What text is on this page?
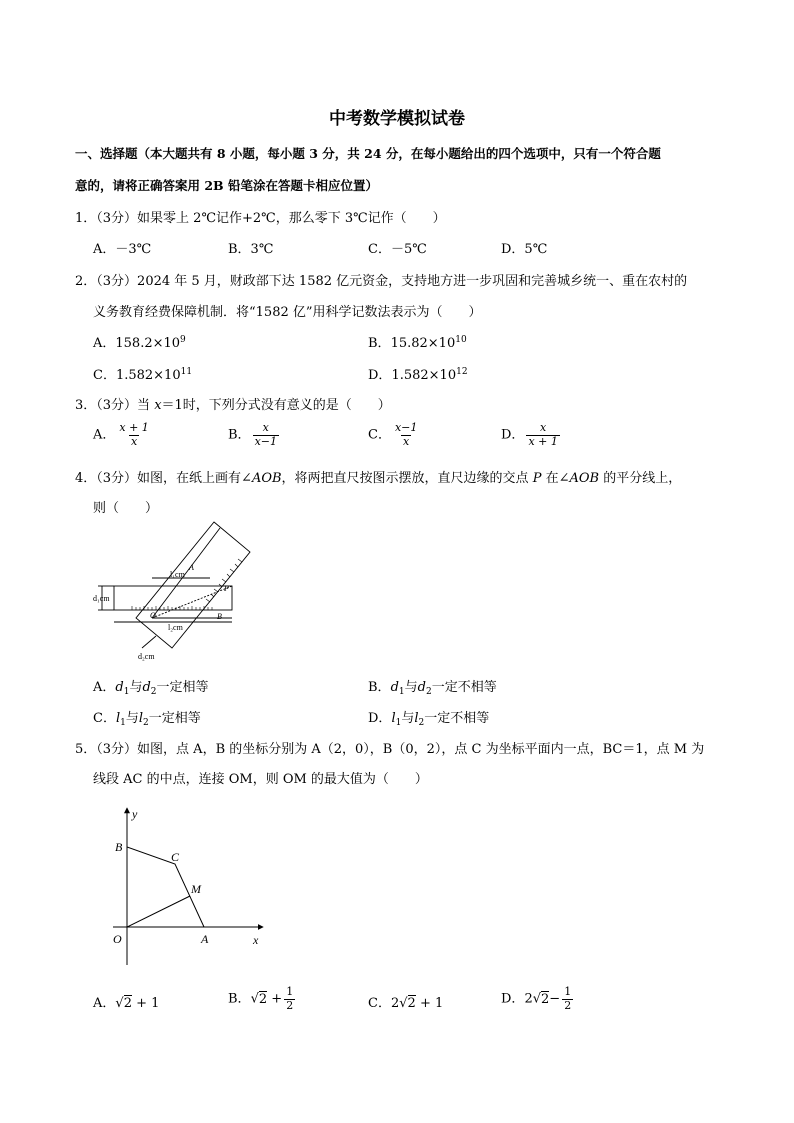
中考数学模拟试卷
一、选择题（本大题共有 8 小题，每小题 3 分，共 24 分，在每小题给出的四个选项中，只有一个符合题
意的，请将正确答案用 2B 铅笔涂在答题卡相应位置）
1．（3分）如果零上 2℃记作+2℃，那么零下 3℃记作（　　）
A．－3℃	B．3℃	C．－5℃	D．5℃
2．（3分）2024 年 5 月，财政部下达 1582 亿元资金，支持地方进一步巩固和完善城乡统一、重在农村的
义务教育经费保障机制．将“1582 亿”用科学记数法表示为（　　）
A．$158.2\times 10^9$	B．$15.82\times 10^{10}$
C．$1.582\times 10^{11}$	D．$1.582\times 10^{12}$
3．（3分）当 x＝1时，下列分式没有意义的是（　　）
A． $\frac{x + 1}{x}$	B． $\frac{x}{x-1}$	C． $\frac{x-1}{x}$	D． $\frac{x}{x + 1}$
4．（3分）如图，在纸上画有∠AOB，将两把直尺按图示摆放，直尺边缘的交点 P 在∠AOB 的平分线上，
则（　　）
d₁cm
d₂cm
l₁cm
l₂cm
O
A
B
P
A．$d_1$与$d_2$一定相等	B．$d_1$与$d_2$一定不相等
C．$l_1$与$l_2$一定相等	D．$l_1$与$l_2$一定不相等
5．（3分）如图，点 A，B 的坐标分别为 A（2，0），B（0，2），点 C 为坐标平面内一点，BC＝1，点 M 为
线段 AC 的中点，连接 OM，则 OM 的最大值为（　　）
y
x
O	A
B
C
M
A．√2 + 1	B．$√2 + \frac{1}{2}$	C．2√2 + 1	D．$2√2- \frac{1}{2}$
